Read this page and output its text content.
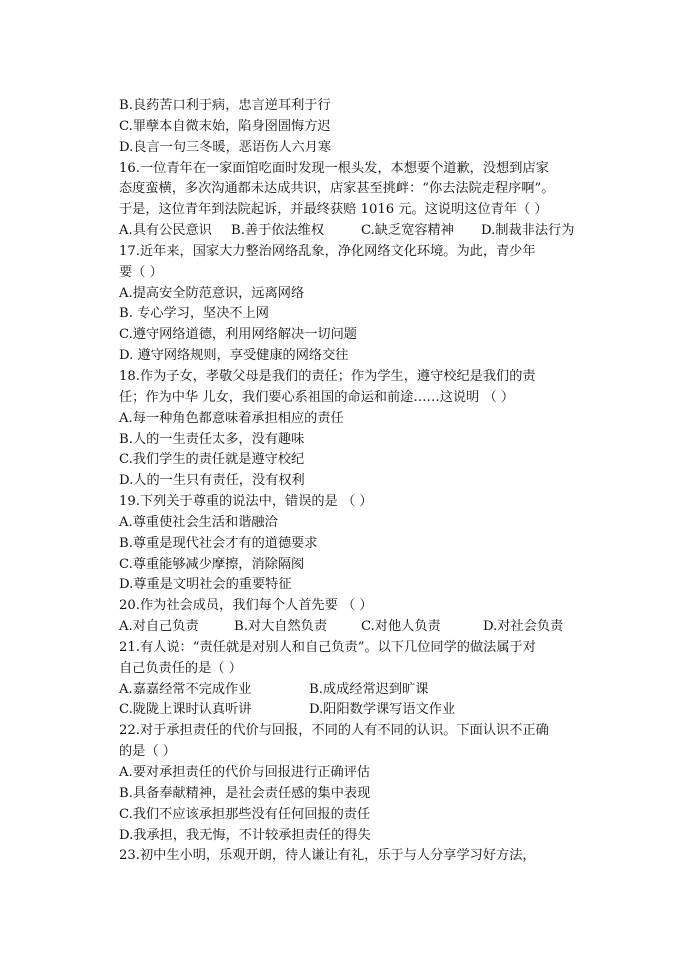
B.良药苦口利于病，忠言逆耳利于行
C.罪孽本自微末始，陷身囹圄悔方迟
D.良言一句三冬暖，恶语伤人六月寒
16.一位青年在一家面馆吃面时发现一根头发，本想要个道歉，没想到店家
态度蛮横，多次沟通都未达成共识，店家甚至挑衅：“你去法院走程序啊”。
于是，这位青年到法院起诉，并最终获赔 1016 元。这说明这位青年（ ）
A.具有公民意识	B.善于依法维权	C.缺乏宽容精神	D.制裁非法行为
17.近年来，国家大力整治网络乱象，净化网络文化环境。为此，青少年
要（ ）
A.提高安全防范意识，远离网络
B. 专心学习，坚决不上网
C.遵守网络道德，利用网络解决一切问题
D. 遵守网络规则，享受健康的网络交往
18.作为子女，孝敬父母是我们的责任；作为学生，遵守校纪是我们的责
任；作为中华 儿女，我们要心系祖国的命运和前途……这说明 （ ）
A.每一种角色都意味着承担相应的责任
B.人的一生责任太多，没有趣味
C.我们学生的责任就是遵守校纪
D.人的一生只有责任，没有权利
19.下列关于尊重的说法中，错误的是 （ ）
A.尊重使社会生活和谐融洽
B.尊重是现代社会才有的道德要求
C.尊重能够减少摩擦，消除隔阂
D.尊重是文明社会的重要特征
20.作为社会成员，我们每个人首先要 （ ）
A.对自己负责	B.对大自然负责	C.对他人负责	D.对社会负责
21.有人说：“责任就是对别人和自己负责”。以下几位同学的做法属于对
自己负责任的是（ ）
A.嘉嘉经常不完成作业	B.成成经常迟到旷课
C.陇陇上课时认真听讲	D.阳阳数学课写语文作业
22.对于承担责任的代价与回报，不同的人有不同的认识。下面认识不正确
的是（ ）
A.要对承担责任的代价与回报进行正确评估
B.具备奉献精神，是社会责任感的集中表现
C.我们不应该承担那些没有任何回报的责任
D.我承担，我无悔，不计较承担责任的得失
23.初中生小明，乐观开朗，待人谦让有礼，乐于与人分享学习好方法，
